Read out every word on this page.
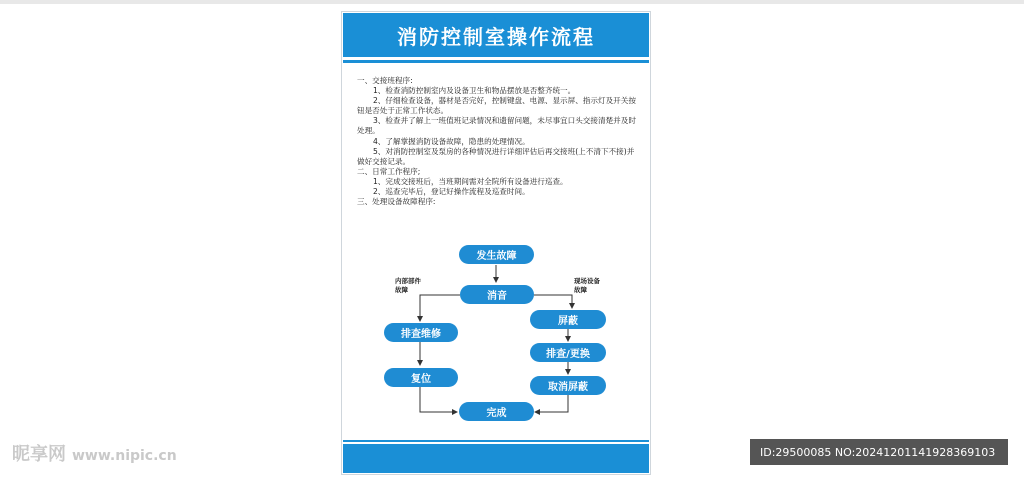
消防控制室操作流程

一、交接班程序:

1、检查消防控制室内及设备卫生和物品摆放是否整齐统一。

2、仔细检查设备，器材是否完好，控制键盘、电源、显示屏、指示灯及开关按钮是否处于正常工作状态。

3、检查并了解上一班值班记录情况和遗留问题，未尽事宜口头交接清楚并及时处理。

4、了解掌握消防设备故障，隐患的处理情况。

5、对消防控制室及泵房的各种情况进行详细评估后再交接班(上不清下不接)并做好交接记录。

二、日常工作程序;

1、完成交接班后，当班期间需对全院所有设备进行巡查。

2、巡查完毕后，登记好操作流程及巡查时间。

三、处理设备故障程序:

发生故障
消音
内部部件
故障
现场设备
故障
排查维修
复位
屏蔽
排查/更换
取消屏蔽
完成
昵享网 www.nipic.cn	ID:29500085 NO:20241201141928369103
